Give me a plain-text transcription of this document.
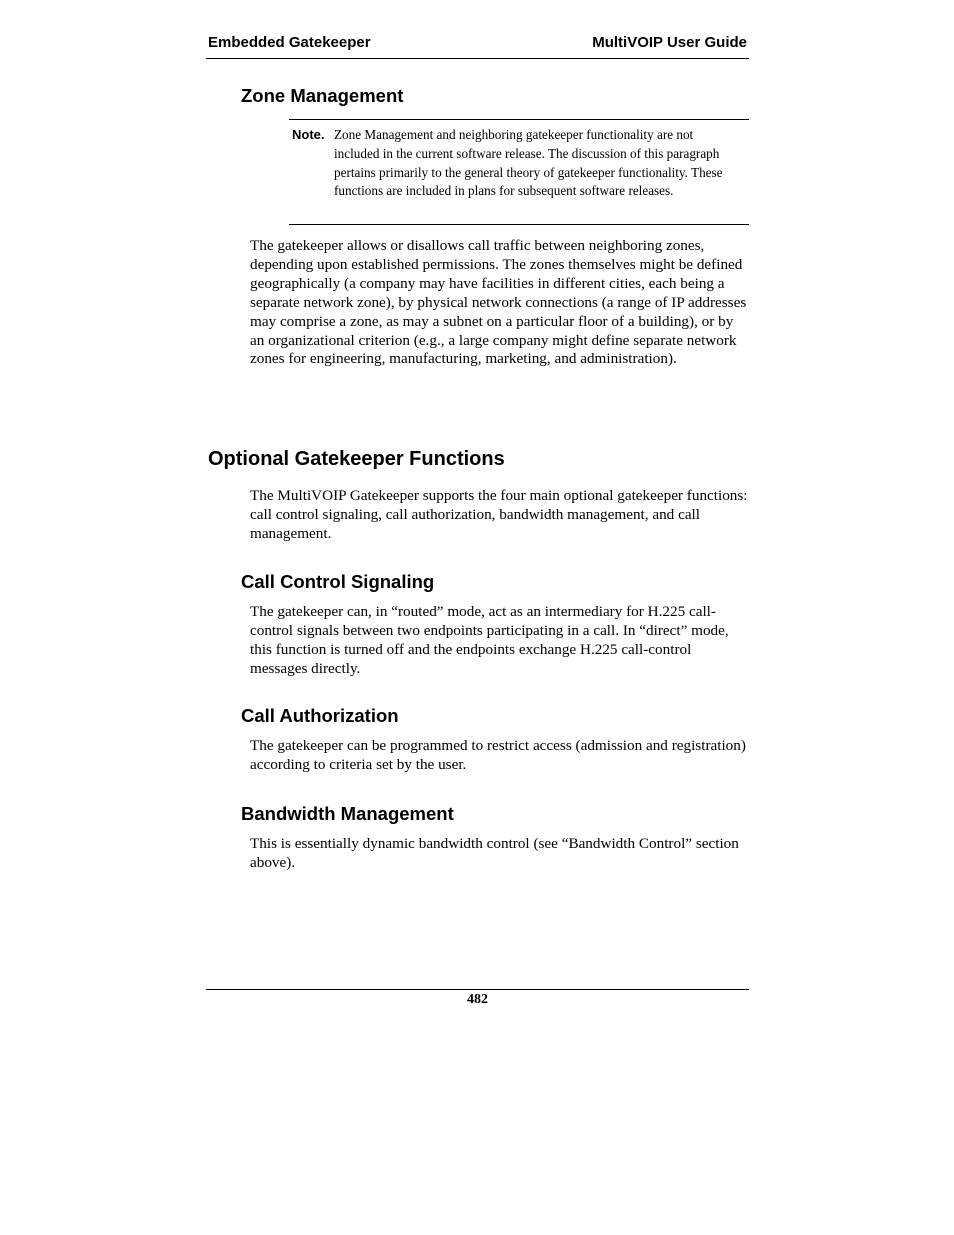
Embedded Gatekeeper	MultiVOIP User Guide
Zone Management
Note. Zone Management and neighboring gatekeeper functionality are not included in the current software release. The discussion of this paragraph pertains primarily to the general theory of gatekeeper functionality. These functions are included in plans for subsequent software releases.

The gatekeeper allows or disallows call traffic between neighboring zones, depending upon established permissions. The zones themselves might be defined geographically (a company may have facilities in different cities, each being a separate network zone), by physical network connections (a range of IP addresses may comprise a zone, as may a subnet on a particular floor of a building), or by an organizational criterion (e.g., a large company might define separate network zones for engineering, manufacturing, marketing, and administration).

Optional Gatekeeper Functions

The MultiVOIP Gatekeeper supports the four main optional gatekeeper functions: call control signaling, call authorization, bandwidth management, and call management.

Call Control Signaling

The gatekeeper can, in “routed” mode, act as an intermediary for H.225 call-control signals between two endpoints participating in a call. In “direct” mode, this function is turned off and the endpoints exchange H.225 call-control messages directly.

Call Authorization

The gatekeeper can be programmed to restrict access (admission and registration) according to criteria set by the user.

Bandwidth Management

This is essentially dynamic bandwidth control (see “Bandwidth Control” section above).

482
